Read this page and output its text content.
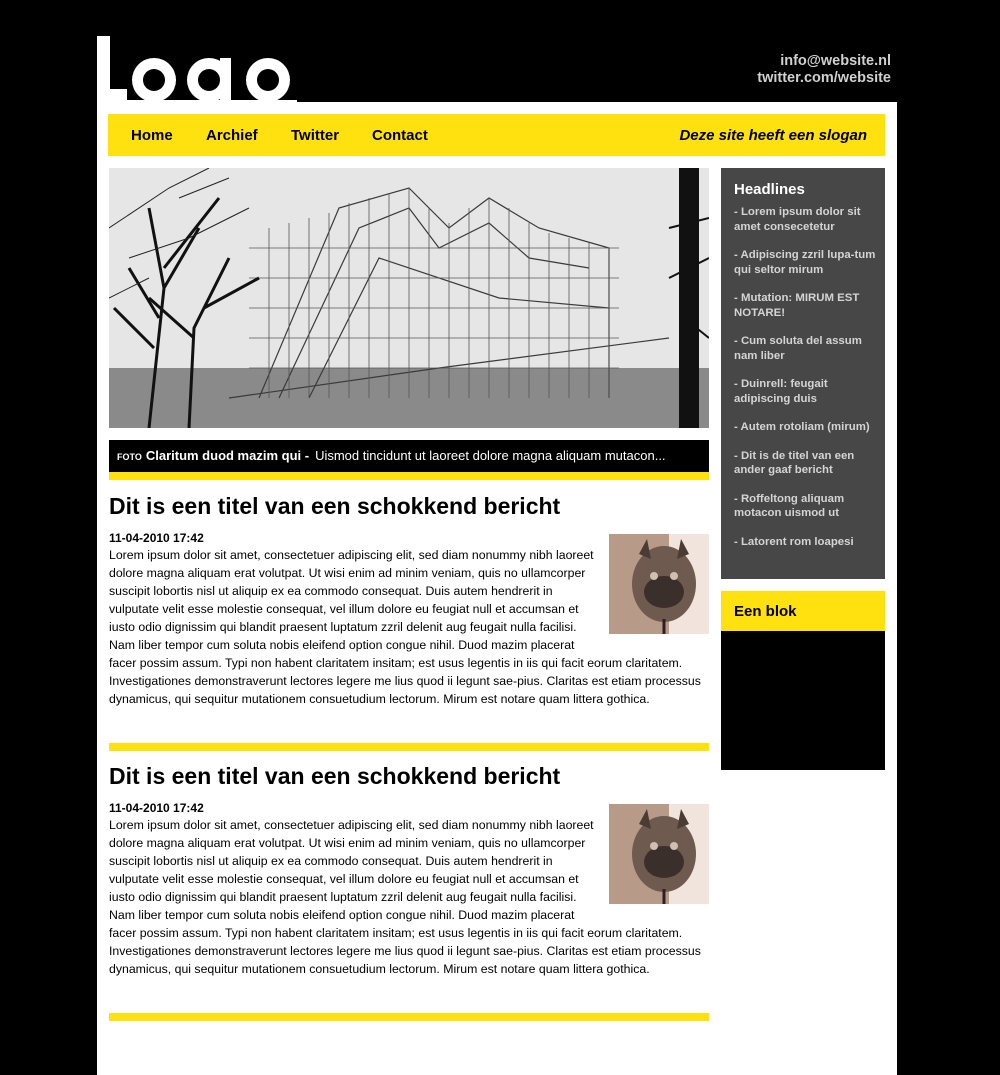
info@website.nl
twitter.com/website
Home Archief Twitter Contact	Deze site heeft een slogan
FOTO Claritum duod mazim qui - Uismod tincidunt ut laoreet dolore magna aliquam mutacon...
Dit is een titel van een schokkend bericht
11-04-2010 17:42
Lorem ipsum dolor sit amet, consectetuer adipiscing elit, sed diam nonummy nibh laoreet dolore magna aliquam erat volutpat. Ut wisi enim ad minim veniam, quis no ullamcorper suscipit lobortis nisl ut aliquip ex ea commodo consequat. Duis autem hendrerit in vulputate velit esse molestie consequat, vel illum dolore eu feugiat null et accumsan et iusto odio dignissim qui blandit praesent luptatum zzril delenit aug feugait nulla facilisi. Nam liber tempor cum soluta nobis eleifend option congue nihil. Duod mazim placerat facer possim assum. Typi non habent claritatem insitam; est usus legentis in iis qui facit eorum claritatem. Investigationes demonstraverunt lectores legere me lius quod ii legunt sae-pius. Claritas est etiam processus dynamicus, qui sequitur mutationem consuetudium lectorum. Mirum est notare quam littera gothica.
Dit is een titel van een schokkend bericht
11-04-2010 17:42
Lorem ipsum dolor sit amet, consectetuer adipiscing elit, sed diam nonummy nibh laoreet dolore magna aliquam erat volutpat. Ut wisi enim ad minim veniam, quis no ullamcorper suscipit lobortis nisl ut aliquip ex ea commodo consequat. Duis autem hendrerit in vulputate velit esse molestie consequat, vel illum dolore eu feugiat null et accumsan et iusto odio dignissim qui blandit praesent luptatum zzril delenit aug feugait nulla facilisi. Nam liber tempor cum soluta nobis eleifend option congue nihil. Duod mazim placerat facer possim assum. Typi non habent claritatem insitam; est usus legentis in iis qui facit eorum claritatem. Investigationes demonstraverunt lectores legere me lius quod ii legunt sae-pius. Claritas est etiam processus dynamicus, qui sequitur mutationem consuetudium lectorum. Mirum est notare quam littera gothica.
Headlines
- Lorem ipsum dolor sit amet consecetetur
- Adipiscing zzril lupa-tum qui seltor mirum
- Mutation: MIRUM EST NOTARE!
- Cum soluta del assum nam liber
- Duinrell: feugait adipiscing duis
- Autem rotoliam (mirum)
- Dit is de titel van een ander gaaf bericht
- Roffeltong aliquam motacon uismod ut
- Latorent rom loapesi
Een blok
